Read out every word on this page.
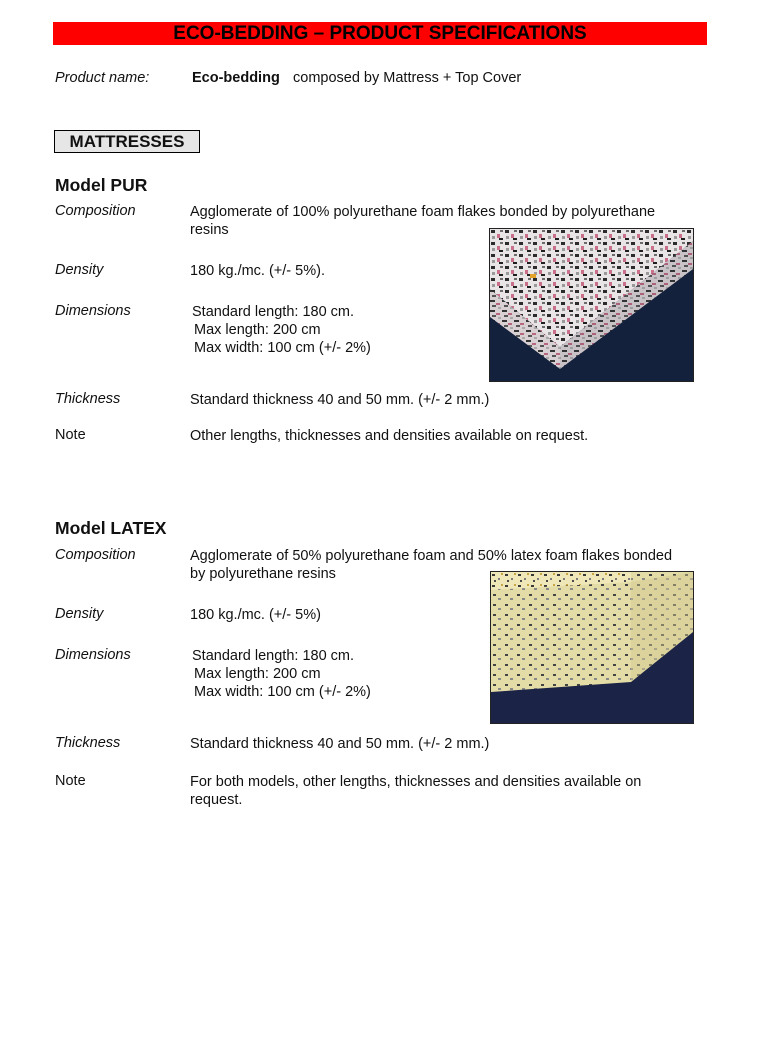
ECO-BEDDING – PRODUCT SPECIFICATIONS
Product name:	Eco-bedding composed by Mattress + Top Cover
MATTRESSES
Model PUR
Composition	Agglomerate of 100% polyurethane foam flakes bonded by polyurethane
resins
Density	180 kg./mc. (+/- 5%).
Dimensions	Standard length: 180 cm.
Max length: 200 cm
Max width: 100 cm (+/- 2%)
Thickness	Standard thickness 40 and 50 mm. (+/- 2 mm.)
Note	Other lengths, thicknesses and densities available on request.
Model LATEX
Composition	Agglomerate of 50% polyurethane foam and 50% latex foam flakes bonded
by polyurethane resins
Density	180 kg./mc. (+/- 5%)
Dimensions	Standard length: 180 cm.
Max length: 200 cm
Max width: 100 cm (+/- 2%)
Thickness	Standard thickness 40 and 50 mm. (+/- 2 mm.)
Note	For both models, other lengths, thicknesses and densities available on
request.
